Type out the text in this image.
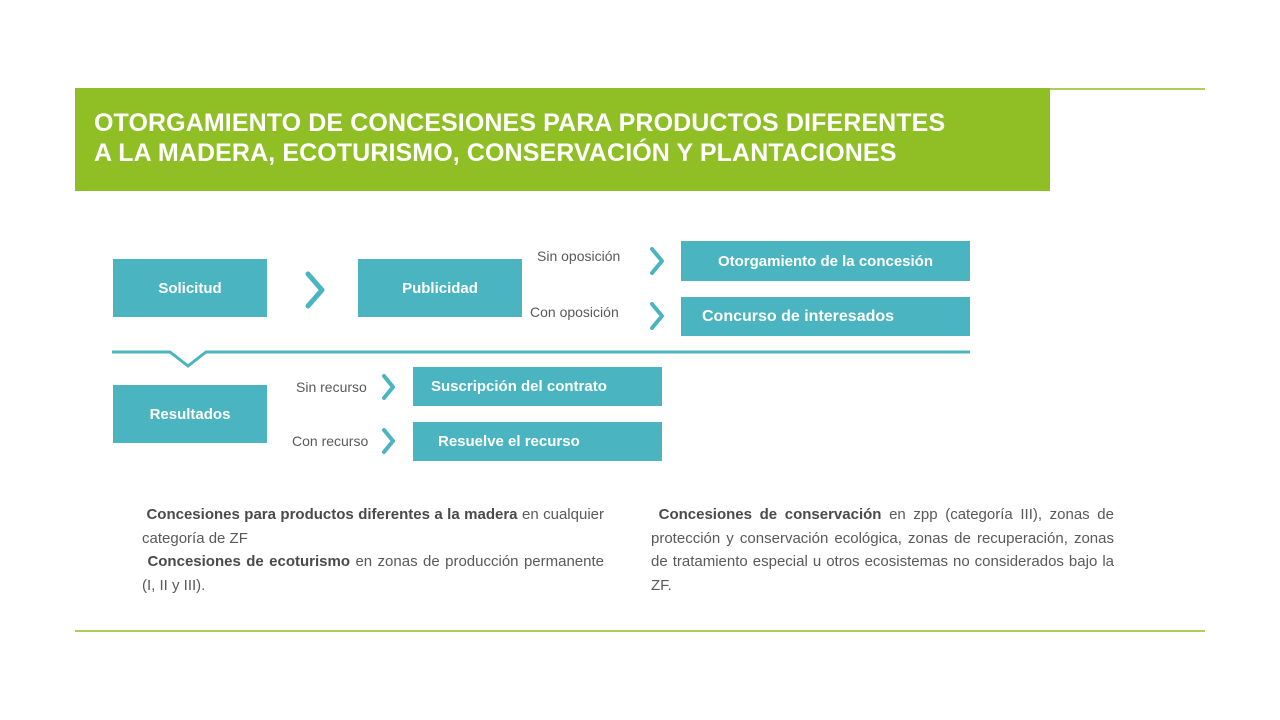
OTORGAMIENTO DE CONCESIONES PARA PRODUCTOS DIFERENTES
A LA MADERA, ECOTURISMO, CONSERVACIÓN Y PLANTACIONES
Solicitud	Publicidad
Sin oposición
Con oposición
Otorgamiento de la concesión
Concurso de interesados
Resultados
Sin recurso
Con recurso
Suscripción del contrato
Resuelve el recurso

Concesiones para productos diferentes a la madera en cualquier categoría de ZF

Concesiones de ecoturismo en zonas de producción permanente (I, II y III).

Concesiones de conservación en zpp (categoría III), zonas de protección y conservación ecológica, zonas de recuperación, zonas de tratamiento especial u otros ecosistemas no considerados bajo la ZF.
